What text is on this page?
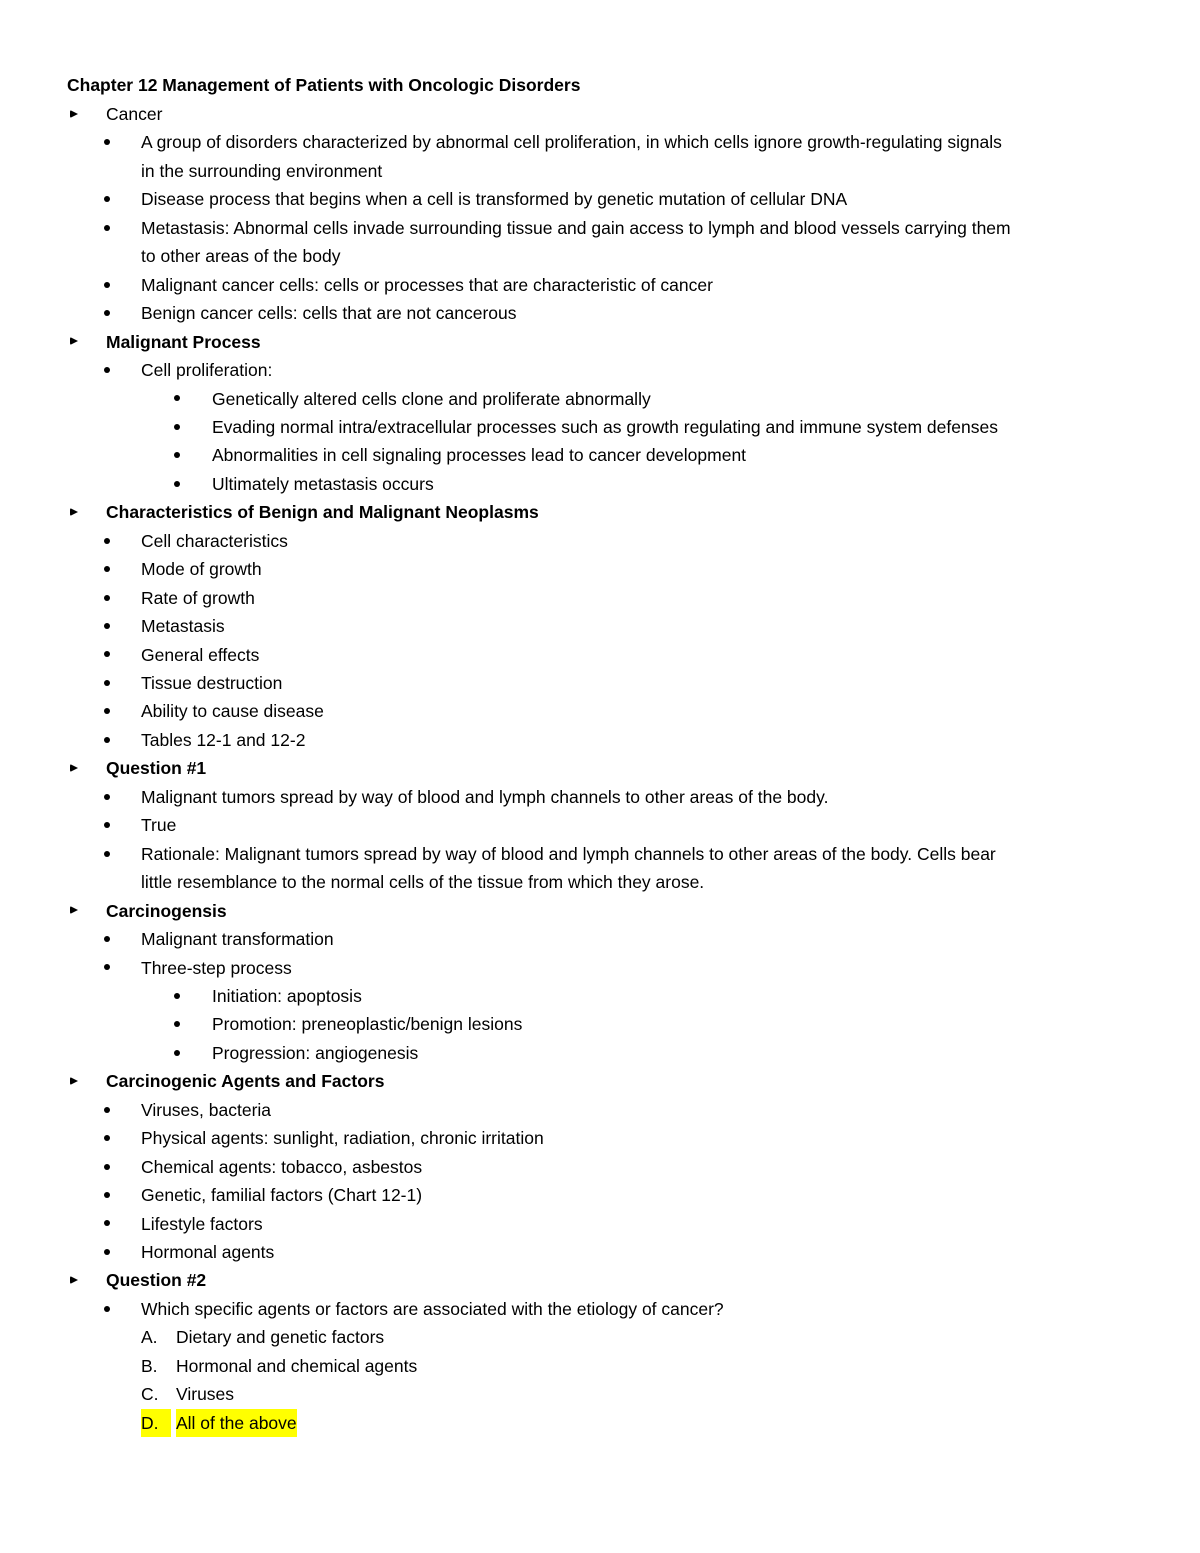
Chapter 12 Management of Patients with Oncologic Disorders
Cancer
A group of disorders characterized by abnormal cell proliferation, in which cells ignore growth-regulating signals
in the surrounding environment
Disease process that begins when a cell is transformed by genetic mutation of cellular DNA
Metastasis: Abnormal cells invade surrounding tissue and gain access to lymph and blood vessels carrying them
to other areas of the body
Malignant cancer cells: cells or processes that are characteristic of cancer
Benign cancer cells: cells that are not cancerous
Malignant Process
Cell proliferation:
Genetically altered cells clone and proliferate abnormally
Evading normal intra/extracellular processes such as growth regulating and immune system defenses
Abnormalities in cell signaling processes lead to cancer development
Ultimately metastasis occurs
Characteristics of Benign and Malignant Neoplasms
Cell characteristics
Mode of growth
Rate of growth
Metastasis
General effects
Tissue destruction
Ability to cause disease
Tables 12-1 and 12-2
Question #1
Malignant tumors spread by way of blood and lymph channels to other areas of the body.
True
Rationale: Malignant tumors spread by way of blood and lymph channels to other areas of the body. Cells bear
little resemblance to the normal cells of the tissue from which they arose.
Carcinogensis
Malignant transformation
Three-step process
Initiation: apoptosis
Promotion: preneoplastic/benign lesions
Progression: angiogenesis
Carcinogenic Agents and Factors
Viruses, bacteria
Physical agents: sunlight, radiation, chronic irritation
Chemical agents: tobacco, asbestos
Genetic, familial factors (Chart 12-1)
Lifestyle factors
Hormonal agents
Question #2
Which specific agents or factors are associated with the etiology of cancer?
A. Dietary and genetic factors
B. Hormonal and chemical agents
C. Viruses
D.	All of the above
